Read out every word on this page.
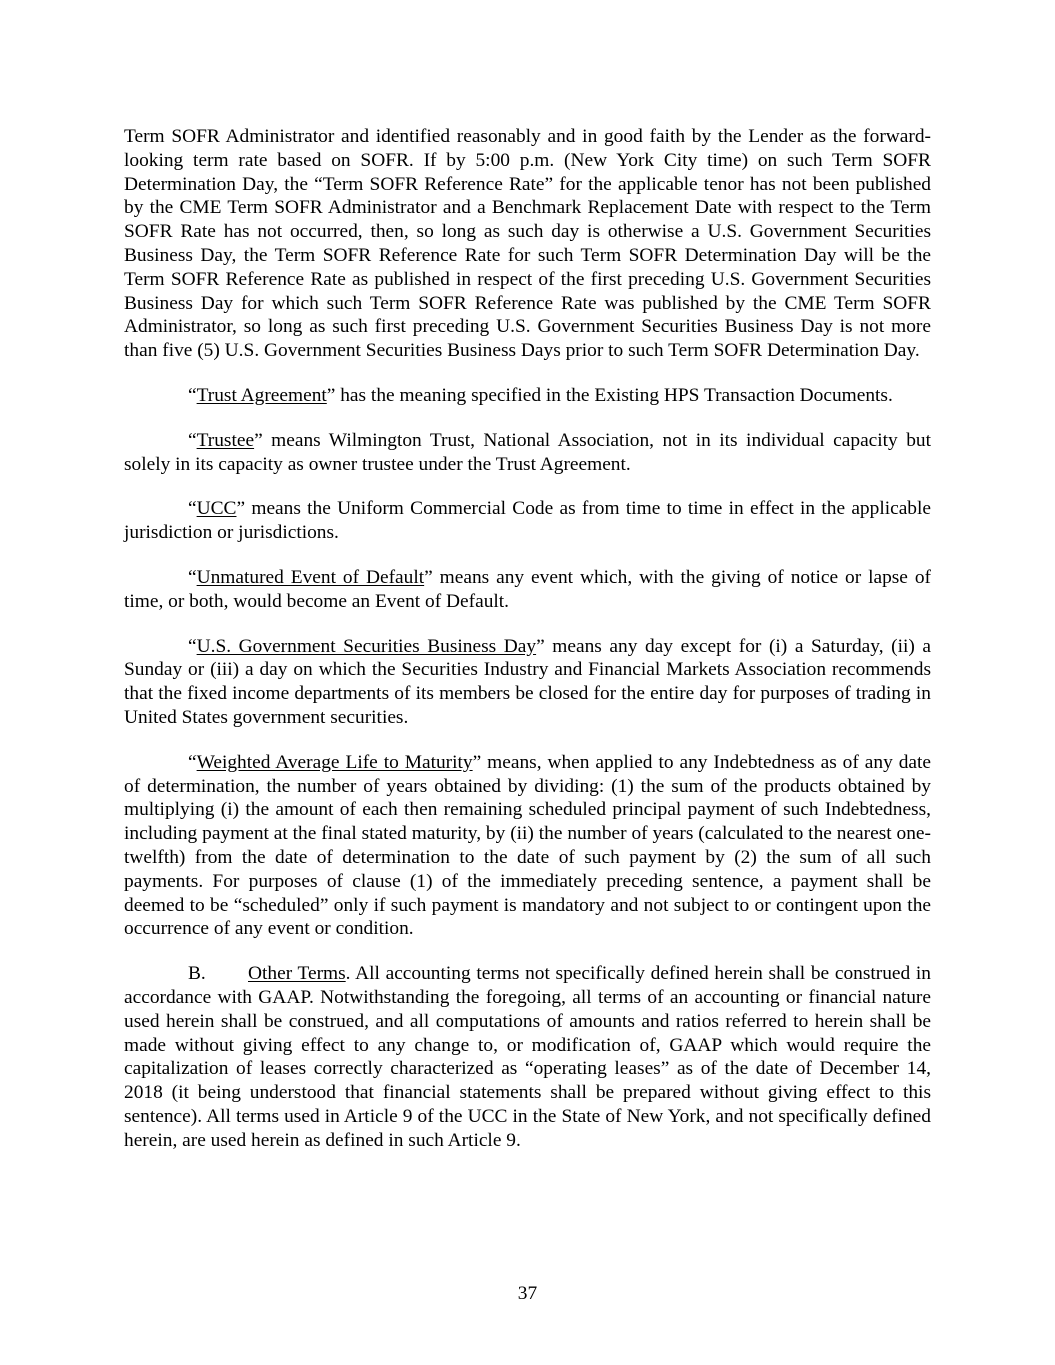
Term SOFR Administrator and identified reasonably and in good faith by the Lender as the forward-looking term rate based on SOFR. If by 5:00 p.m. (New York City time) on such Term SOFR Determination Day, the “Term SOFR Reference Rate” for the applicable tenor has not been published by the CME Term SOFR Administrator and a Benchmark Replacement Date with respect to the Term SOFR Rate has not occurred, then, so long as such day is otherwise a U.S. Government Securities Business Day, the Term SOFR Reference Rate for such Term SOFR Determination Day will be the Term SOFR Reference Rate as published in respect of the first preceding U.S. Government Securities Business Day for which such Term SOFR Reference Rate was published by the CME Term SOFR Administrator, so long as such first preceding U.S. Government Securities Business Day is not more than five (5) U.S. Government Securities Business Days prior to such Term SOFR Determination Day.

“Trust Agreement” has the meaning specified in the Existing HPS Transaction Documents.

“Trustee” means Wilmington Trust, National Association, not in its individual capacity but solely in its capacity as owner trustee under the Trust Agreement.

“UCC” means the Uniform Commercial Code as from time to time in effect in the applicable jurisdiction or jurisdictions.

“Unmatured Event of Default” means any event which, with the giving of notice or lapse of time, or both, would become an Event of Default.

“U.S. Government Securities Business Day” means any day except for (i) a Saturday, (ii) a Sunday or (iii) a day on which the Securities Industry and Financial Markets Association recommends that the fixed income departments of its members be closed for the entire day for purposes of trading in United States government securities.

“Weighted Average Life to Maturity” means, when applied to any Indebtedness as of any date of determination, the number of years obtained by dividing: (1) the sum of the products obtained by multiplying (i) the amount of each then remaining scheduled principal payment of such Indebtedness, including payment at the final stated maturity, by (ii) the number of years (calculated to the nearest one-twelfth) from the date of determination to the date of such payment by (2) the sum of all such payments. For purposes of clause (1) of the immediately preceding sentence, a payment shall be deemed to be “scheduled” only if such payment is mandatory and not subject to or contingent upon the occurrence of any event or condition.

B. Other Terms. All accounting terms not specifically defined herein shall be construed in accordance with GAAP. Notwithstanding the foregoing, all terms of an accounting or financial nature used herein shall be construed, and all computations of amounts and ratios referred to herein shall be made without giving effect to any change to, or modification of, GAAP which would require the capitalization of leases correctly characterized as “operating leases” as of the date of December 14, 2018 (it being understood that financial statements shall be prepared without giving effect to this sentence). All terms used in Article 9 of the UCC in the State of New York, and not specifically defined herein, are used herein as defined in such Article 9.

37
